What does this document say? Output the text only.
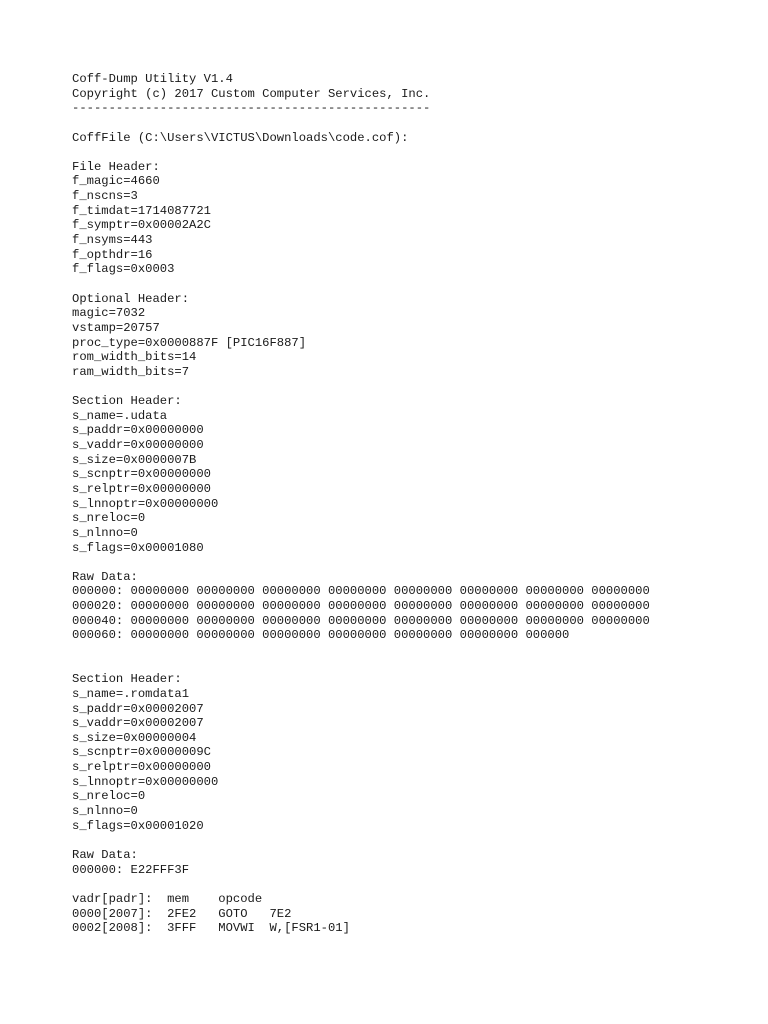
Coff-Dump Utility V1.4
Copyright (c) 2017 Custom Computer Services, Inc.
-------------------------------------------------
CoffFile (C:\Users\VICTUS\Downloads\code.cof):
File Header:
f_magic=4660
f_nscns=3
f_timdat=1714087721
f_symptr=0x00002A2C
f_nsyms=443
f_opthdr=16
f_flags=0x0003
Optional Header:
magic=7032
vstamp=20757
proc_type=0x0000887F [PIC16F887]
rom_width_bits=14
ram_width_bits=7
Section Header:
s_name=.udata
s_paddr=0x00000000
s_vaddr=0x00000000
s_size=0x0000007B
s_scnptr=0x00000000
s_relptr=0x00000000
s_lnnoptr=0x00000000
s_nreloc=0
s_nlnno=0
s_flags=0x00001080
Raw Data:
000000: 00000000 00000000 00000000 00000000 00000000 00000000 00000000 00000000
000020: 00000000 00000000 00000000 00000000 00000000 00000000 00000000 00000000
000040: 00000000 00000000 00000000 00000000 00000000 00000000 00000000 00000000
000060: 00000000 00000000 00000000 00000000 00000000 00000000 000000
Section Header:
s_name=.romdata1
s_paddr=0x00002007
s_vaddr=0x00002007
s_size=0x00000004
s_scnptr=0x0000009C
s_relptr=0x00000000
s_lnnoptr=0x00000000
s_nreloc=0
s_nlnno=0
s_flags=0x00001020
Raw Data:
000000: E22FFF3F
vadr[padr]:  mem    opcode
0000[2007]:  2FE2   GOTO   7E2
0002[2008]:  3FFF   MOVWI  W,[FSR1-01]
